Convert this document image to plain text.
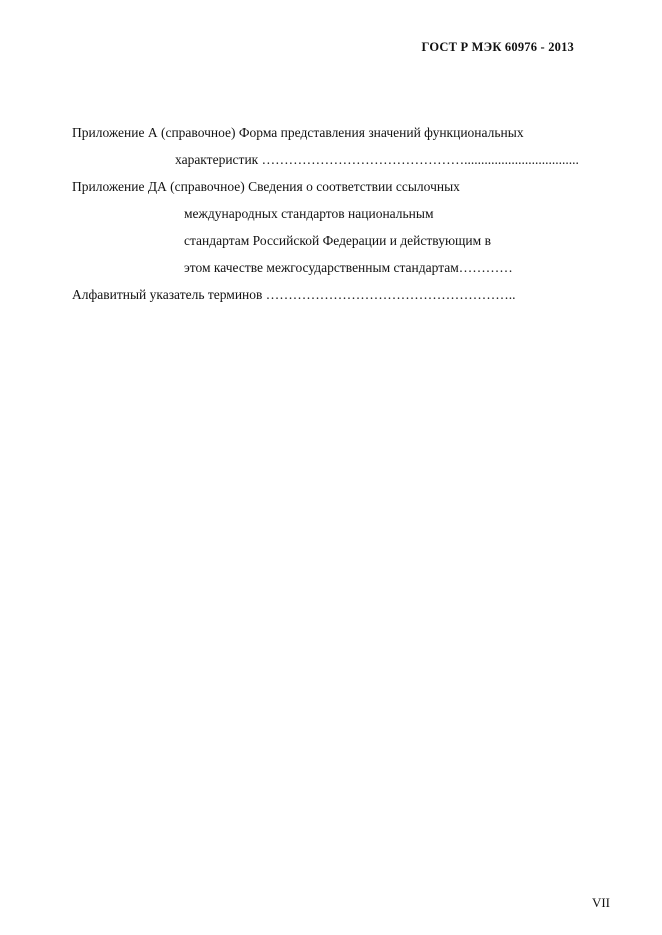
ГОСТ Р МЭК 60976 - 2013
Приложение А (справочное) Форма представления значений функциональных
характеристик ………………………………………..................................
Приложение ДА (справочное) Сведения о соответствии ссылочных
международных стандартов национальным
стандартам Российской Федерации и действующим в
этом качестве межгосударственным стандартам…………
Алфавитный указатель терминов ………………………………………………..
VII
